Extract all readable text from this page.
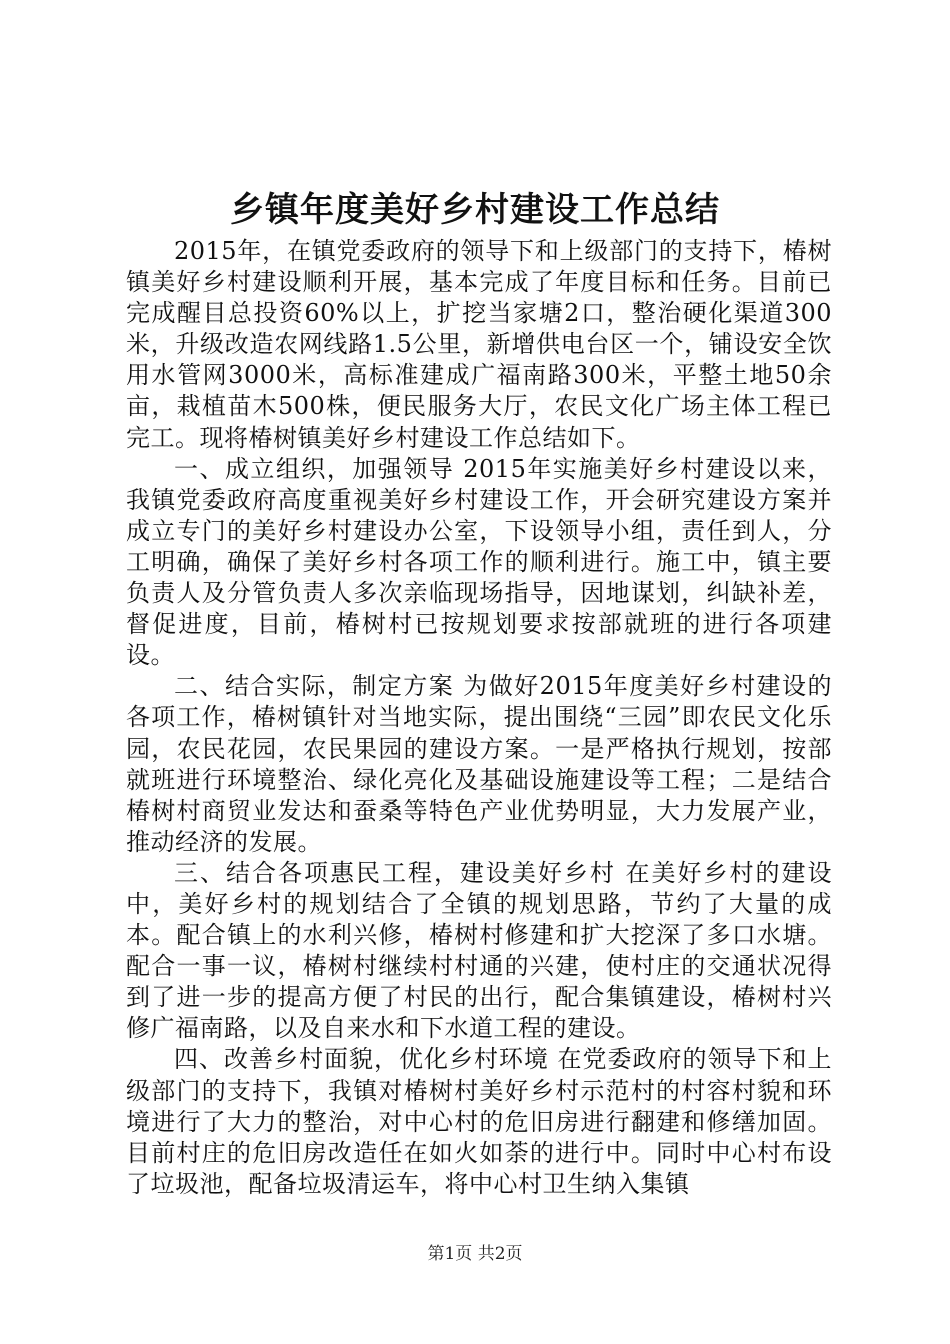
乡镇年度美好乡村建设工作总结

2015年，在镇党委政府的领导下和上级部门的支持下，椿树镇美好乡村建设顺利开展，基本完成了年度目标和任务。目前已完成醒目总投资60%以上，扩挖当家塘2口，整治硬化渠道300米，升级改造农网线路1.5公里，新增供电台区一个，铺设安全饮用水管网3000米，高标准建成广福南路300米，平整土地50余亩，栽植苗木500株，便民服务大厅，农民文化广场主体工程已完工。现将椿树镇美好乡村建设工作总结如下。

一、成立组织，加强领导 2015年实施美好乡村建设以来，我镇党委政府高度重视美好乡村建设工作，开会研究建设方案并成立专门的美好乡村建设办公室，下设领导小组，责任到人，分工明确，确保了美好乡村各项工作的顺利进行。施工中，镇主要负责人及分管负责人多次亲临现场指导，因地谋划，纠缺补差，督促进度，目前，椿树村已按规划要求按部就班的进行各项建设。

二、结合实际，制定方案 为做好2015年度美好乡村建设的各项工作，椿树镇针对当地实际，提出围绕“三园”即农民文化乐园，农民花园，农民果园的建设方案。一是严格执行规划，按部就班进行环境整治、绿化亮化及基础设施建设等工程；二是结合椿树村商贸业发达和蚕桑等特色产业优势明显，大力发展产业，推动经济的发展。

三、结合各项惠民工程，建设美好乡村 在美好乡村的建设中，美好乡村的规划结合了全镇的规划思路，节约了大量的成本。配合镇上的水利兴修，椿树村修建和扩大挖深了多口水塘。配合一事一议，椿树村继续村村通的兴建，使村庄的交通状况得到了进一步的提高方便了村民的出行，配合集镇建设，椿树村兴修广福南路，以及自来水和下水道工程的建设。

四、改善乡村面貌，优化乡村环境 在党委政府的领导下和上级部门的支持下，我镇对椿树村美好乡村示范村的村容村貌和环境进行了大力的整治，对中心村的危旧房进行翻建和修缮加固。目前村庄的危旧房改造任在如火如荼的进行中。同时中心村布设了垃圾池，配备垃圾清运车，将中心村卫生纳入集镇

第1页 共2页
